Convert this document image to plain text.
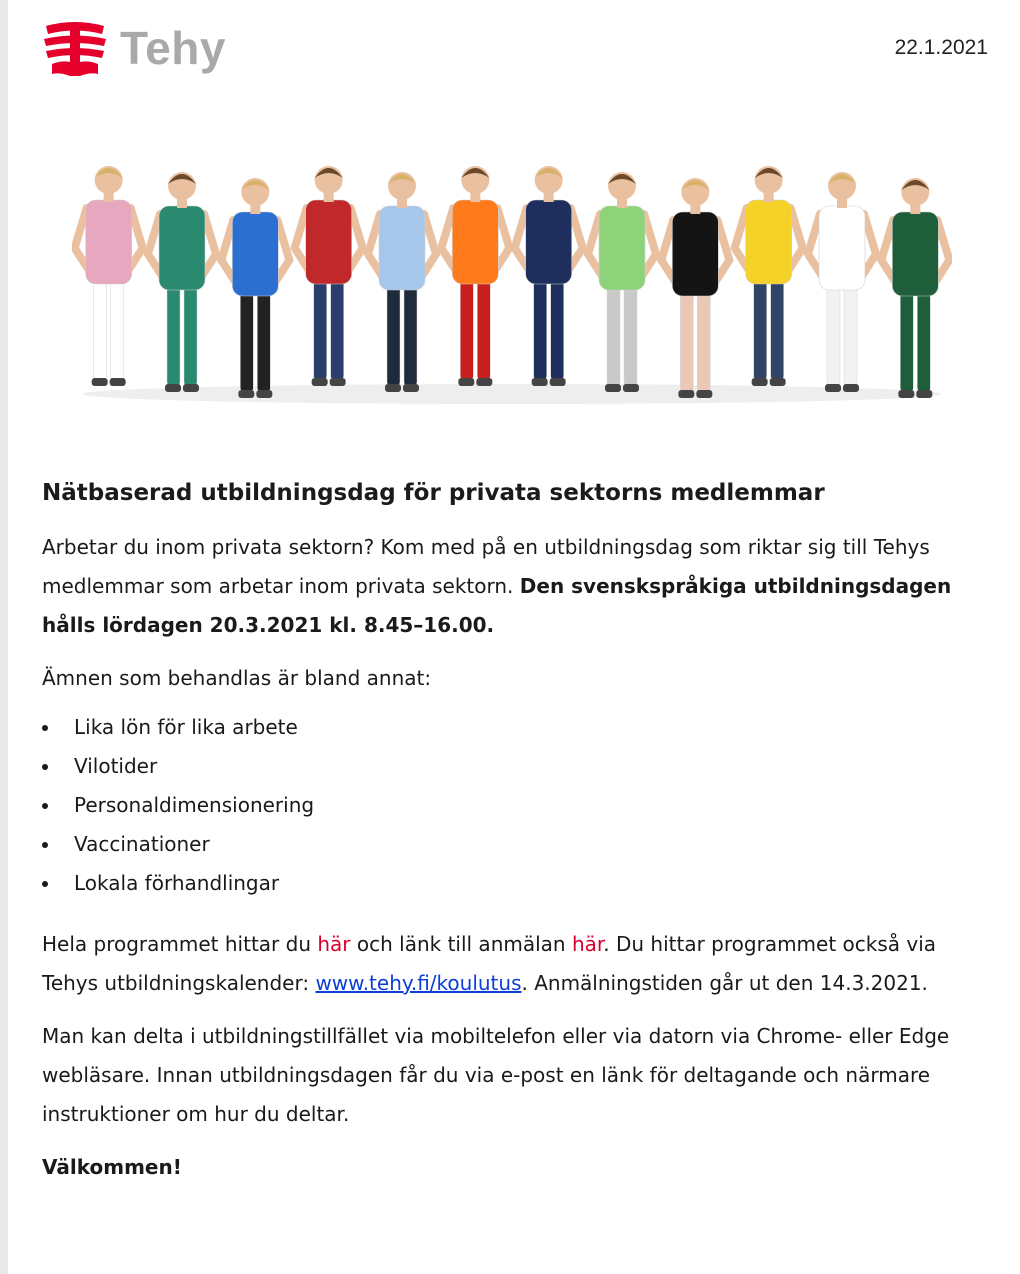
Tehy	22.1.2021
Nätbaserad utbildningsdag för privata sektorns medlemmar

Arbetar du inom privata sektorn? Kom med på en utbildningsdag som riktar sig till Tehys medlemmar som arbetar inom privata sektorn. Den svenskspråkiga utbildningsdagen hålls lördagen 20.3.2021 kl. 8.45–16.00.

Ämnen som behandlas är bland annat:

Lika lön för lika arbete
Vilotider
Personaldimensionering
Vaccinationer
Lokala förhandlingar

Hela programmet hittar du här och länk till anmälan här. Du hittar programmet också via Tehys utbildningskalender: www.tehy.fi/koulutus. Anmälningstiden går ut den 14.3.2021.

Man kan delta i utbildningstillfället via mobiltelefon eller via datorn via Chrome- eller Edge webläsare. Innan utbildningsdagen får du via e-post en länk för deltagande och närmare instruktioner om hur du deltar.

Välkommen!
